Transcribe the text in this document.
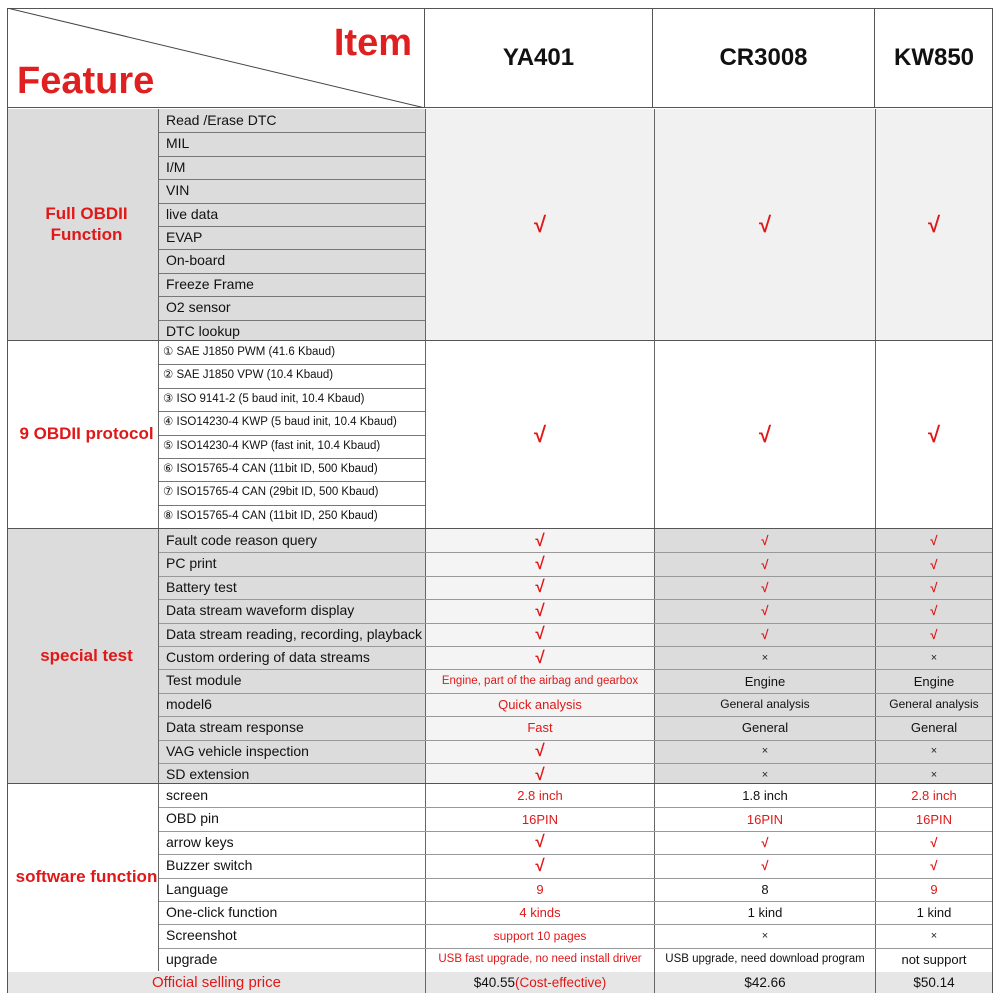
Item
Feature
YA401	CR3008	KW850
Full OBDII
Function
Read /Erase DTC
MIL
I/M
VIN
live data
EVAP
On-board
Freeze Frame
O2 sensor
DTC lookup
√	√	√
9 OBDII protocol
① SAE J1850 PWM (41.6 Kbaud)
② SAE J1850 VPW (10.4 Kbaud)
③ ISO 9141-2 (5 baud init, 10.4 Kbaud)
④ ISO14230-4 KWP (5 baud init, 10.4 Kbaud)
⑤ ISO14230-4 KWP (fast init, 10.4 Kbaud)
⑥ ISO15765-4 CAN (11bit ID, 500 Kbaud)
⑦ ISO15765-4 CAN (29bit ID, 500 Kbaud)
⑧ ISO15765-4 CAN (11bit ID, 250 Kbaud)
√	√	√
special test
Fault code reason query	√	√	√
PC print	√	√	√
Battery test	√	√	√
Data stream waveform display	√	√	√
Data stream reading, recording, playback	√	√	√
Custom ordering of data streams	√	×	×
Test module	Engine, part of the airbag and gearbox	Engine	Engine
model6	Quick analysis	General analysis	General analysis
Data stream response	Fast	General	General
VAG vehicle inspection	√	×	×
SD extension	√	×	×
software function
screen	2.8 inch	1.8 inch	2.8 inch
OBD pin	16PIN	16PIN	16PIN
arrow keys	√	√	√
Buzzer switch	√	√	√
Language	9	8	9
One-click function	4 kinds	1 kind	1 kind
Screenshot	support 10 pages	×	×
upgrade	USB fast upgrade, no need install driver	USB upgrade, need download program	not support
Official selling price	$40.55 (Cost-effective)	$42.66	$50.14
